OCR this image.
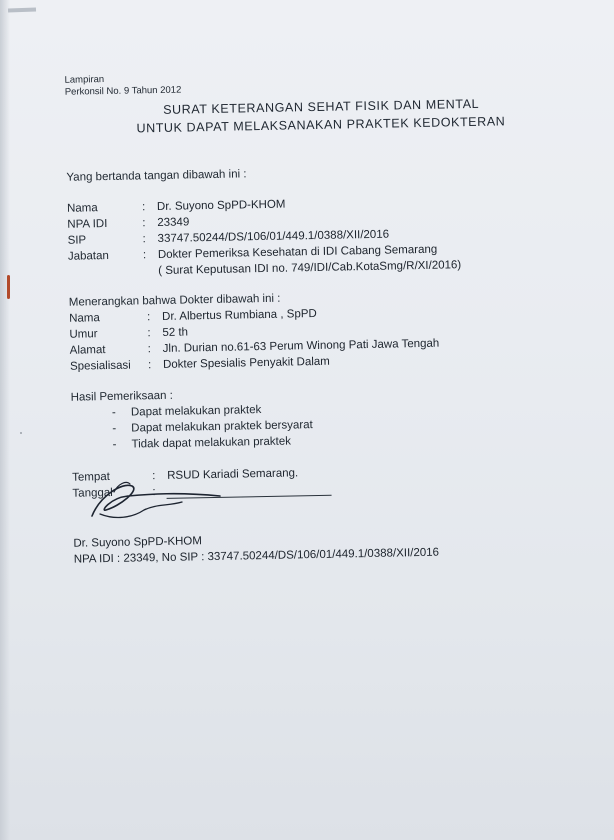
Lampiran
Perkonsil No. 9 Tahun 2012
SURAT KETERANGAN SEHAT FISIK DAN MENTAL
UNTUK DAPAT MELAKSANAKAN PRAKTEK KEDOKTERAN
Yang bertanda tangan dibawah ini :
Nama	: Dr. Suyono SpPD-KHOM
NPA IDI	: 23349
SIP	: 33747.50244/DS/106/01/449.1/0388/XII/2016
Jabatan	: Dokter Pemeriksa Kesehatan di IDI Cabang Semarang
( Surat Keputusan IDI no. 749/IDI/Cab.KotaSmg/R/XI/2016)
Menerangkan bahwa Dokter dibawah ini :
Nama	: Dr. Albertus Rumbiana , SpPD
Umur	: 52 th
Alamat	: Jln. Durian no.61-63 Perum Winong Pati Jawa Tengah
Spesialisasi : Dokter Spesialis Penyakit Dalam
Hasil Pemeriksaan :
- Dapat melakukan praktek
- Dapat melakukan praktek bersyarat
- Tidak dapat melakukan praktek
Tempat	: RSUD Kariadi Semarang.
Tanggal	:
Dr. Suyono SpPD-KHOM
NPA IDI : 23349, No SIP : 33747.50244/DS/106/01/449.1/0388/XII/2016
